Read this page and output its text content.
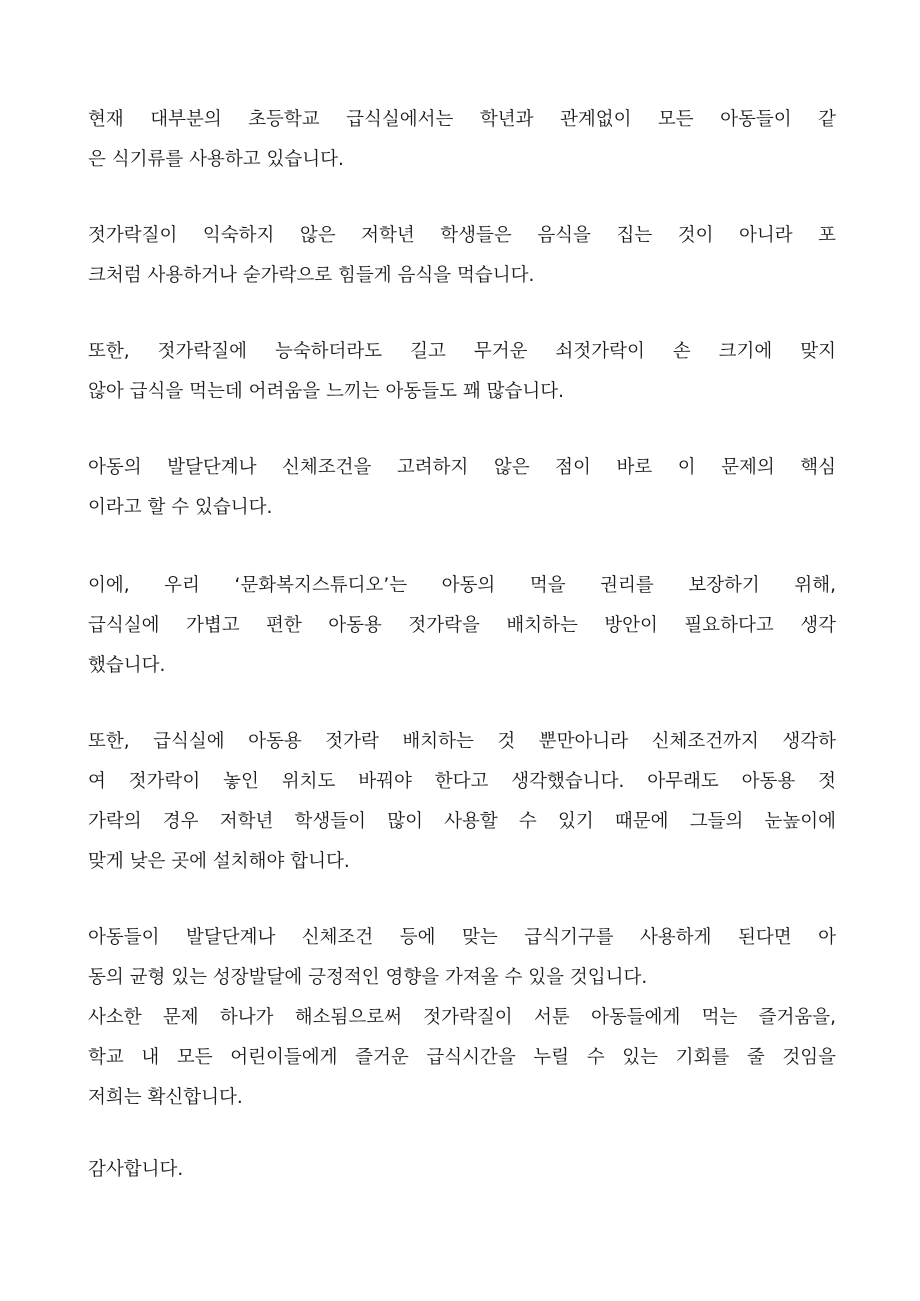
현재 대부분의 초등학교 급식실에서는 학년과 관계없이 모든 아동들이 같
은 식기류를 사용하고 있습니다.

젓가락질이 익숙하지 않은 저학년 학생들은 음식을 집는 것이 아니라 포
크처럼 사용하거나 숟가락으로 힘들게 음식을 먹습니다.

또한, 젓가락질에 능숙하더라도 길고 무거운 쇠젓가락이 손 크기에 맞지
않아 급식을 먹는데 어려움을 느끼는 아동들도 꽤 많습니다.

아동의 발달단계나 신체조건을 고려하지 않은 점이 바로 이 문제의 핵심
이라고 할 수 있습니다.

이에, 우리 ‘문화복지스튜디오’는 아동의 먹을 권리를 보장하기 위해,
급식실에 가볍고 편한 아동용 젓가락을 배치하는 방안이 필요하다고 생각
했습니다.

또한, 급식실에 아동용 젓가락 배치하는 것 뿐만아니라 신체조건까지 생각하
여 젓가락이 놓인 위치도 바꿔야 한다고 생각했습니다. 아무래도 아동용 젓
가락의 경우 저학년 학생들이 많이 사용할 수 있기 때문에 그들의 눈높이에
맞게 낮은 곳에 설치해야 합니다.

아동들이 발달단계나 신체조건 등에 맞는 급식기구를 사용하게 된다면 아
동의 균형 있는 성장발달에 긍정적인 영향을 가져올 수 있을 것입니다.
사소한 문제 하나가 해소됨으로써 젓가락질이 서툰 아동들에게 먹는 즐거움을,
학교 내 모든 어린이들에게 즐거운 급식시간을 누릴 수 있는 기회를 줄 것임을
저희는 확신합니다.

감사합니다.
